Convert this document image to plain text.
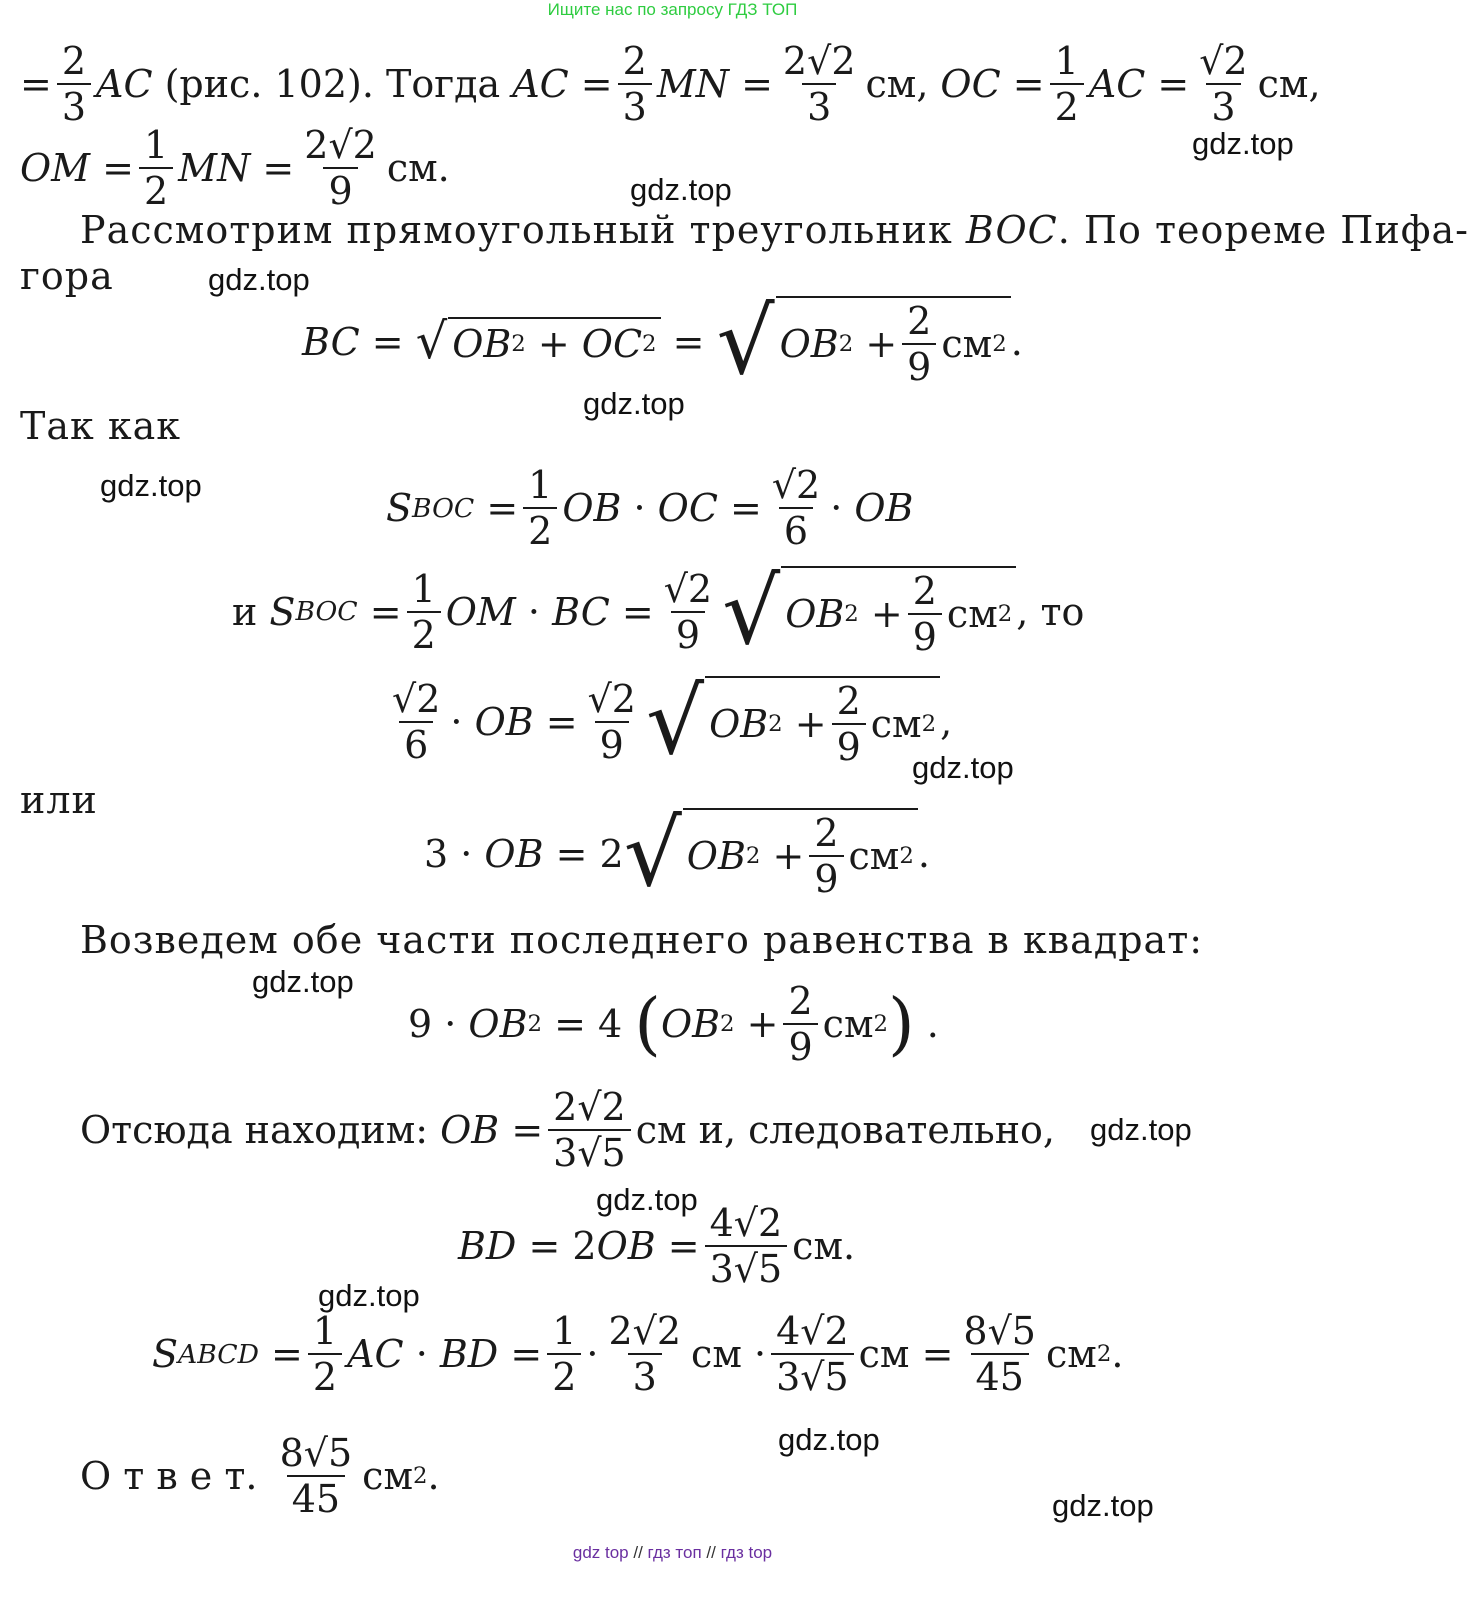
Ищите нас по запросу ГДЗ ТОП
= $\frac{2}{3}$ AC (рис. 102). Тогда AC = $\frac{2}{3}$ MN = $\frac{2√2}{3}$ см, OC = $\frac{1}{2}$ AC = $\frac{√2}{3}$ см,
gdz.top
OM = $\frac{1}{2}$ MN = $\frac{2√2}{9}$ см.	gdz.top
Рассмотрим прямоугольный треугольник BOC. По теореме Пифа-
гора	gdz.top
BC = √ OB 2 + OC 2 = √ OB $2 + \frac{2}{9}$ см 2 .
gdz.top
Так как
gdz.top
S BOC = $\frac{1}{2}$ OB · OC = $\frac{√2}{6}$ · OB
и
S BOC = $\frac{1}{2}$ OM · BC = $\frac{√2}{9}$ √ OB $2 + \frac{2}{9}$ см 2 , то
$\frac{√2}{6}$ · OB = $\frac{√2}{9}$ √ OB $2 + \frac{2}{9}$ см 2 ,
gdz.top
или
3 · OB = 2 √ OB $2 + \frac{2}{9}$ см 2 .
Возведем обе части последнего равенства в квадрат:
gdz.top
9 · OB 2 = 4 ( OB $2 + \frac{2}{9}$ см 2 ) .
Отсюда находим:
OB = $\frac{2√2}{3√5}$ см и, следовательно, gdz.top
gdz.top
BD = 2 OB = $\frac{4√2}{3√5}$ см.
gdz.top
S ABCD = $\frac{1}{2}$ AC · BD = $\frac{1}{2} \cdot \frac{2√2}{3}$ см · $\frac{4√2}{3√5}$ см = $\frac{8√5}{45}$ см 2 .
gdz.top
О т в е т.
$\frac{8√5}{45}$ см 2 .
gdz.top
gdz top // гдз топ // гдз top
